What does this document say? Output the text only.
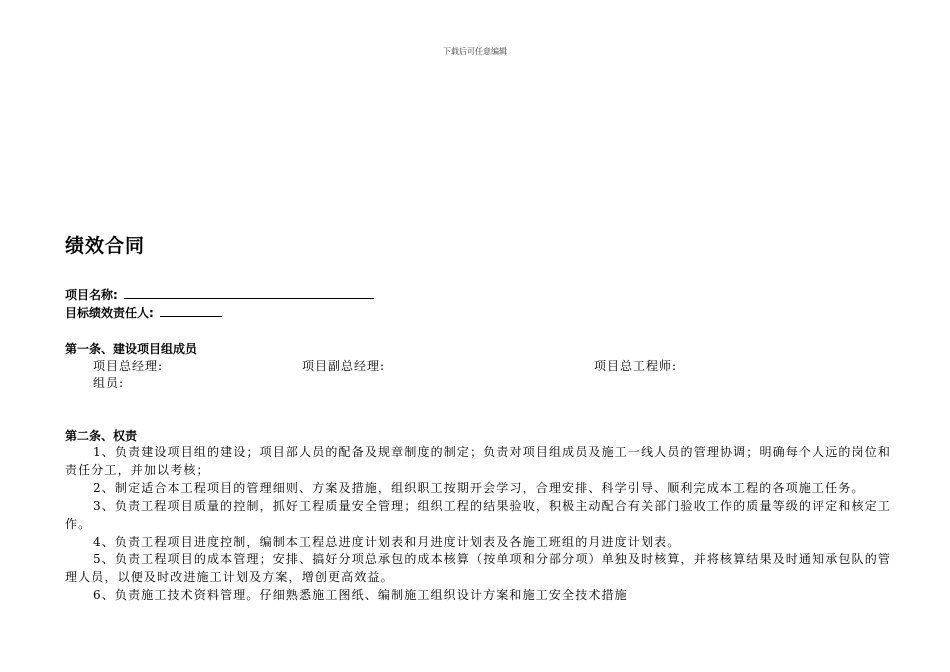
下载后可任意编辑
绩效合同
项目名称:
目标绩效责任人:
第一条、建设项目组成员
项目总经理:	项目副总经理:	项目总工程师:
组员:
第二条、权责
1、负责建设项目组的建设；项目部人员的配备及规章制度的制定；负责对项目组成员及施工一线人员的管理协调；明确每个人远的岗位和责任分工，并加以考核；
2、制定适合本工程项目的管理细则、方案及措施，组织职工按期开会学习，合理安排、科学引导、顺利完成本工程的各项施工任务。
3、负责工程项目质量的控制，抓好工程质量安全管理；组织工程的结果验收，积极主动配合有关部门验收工作的质量等级的评定和核定工作。
4、负责工程项目进度控制，编制本工程总进度计划表和月进度计划表及各施工班组的月进度计划表。
5、负责工程项目的成本管理；安排、搞好分项总承包的成本核算（按单项和分部分项）单独及时核算，并将核算结果及时通知承包队的管理人员，以便及时改进施工计划及方案，增创更高效益。
6、负责施工技术资料管理。仔细熟悉施工图纸、编制施工组织设计方案和施工安全技术措施
